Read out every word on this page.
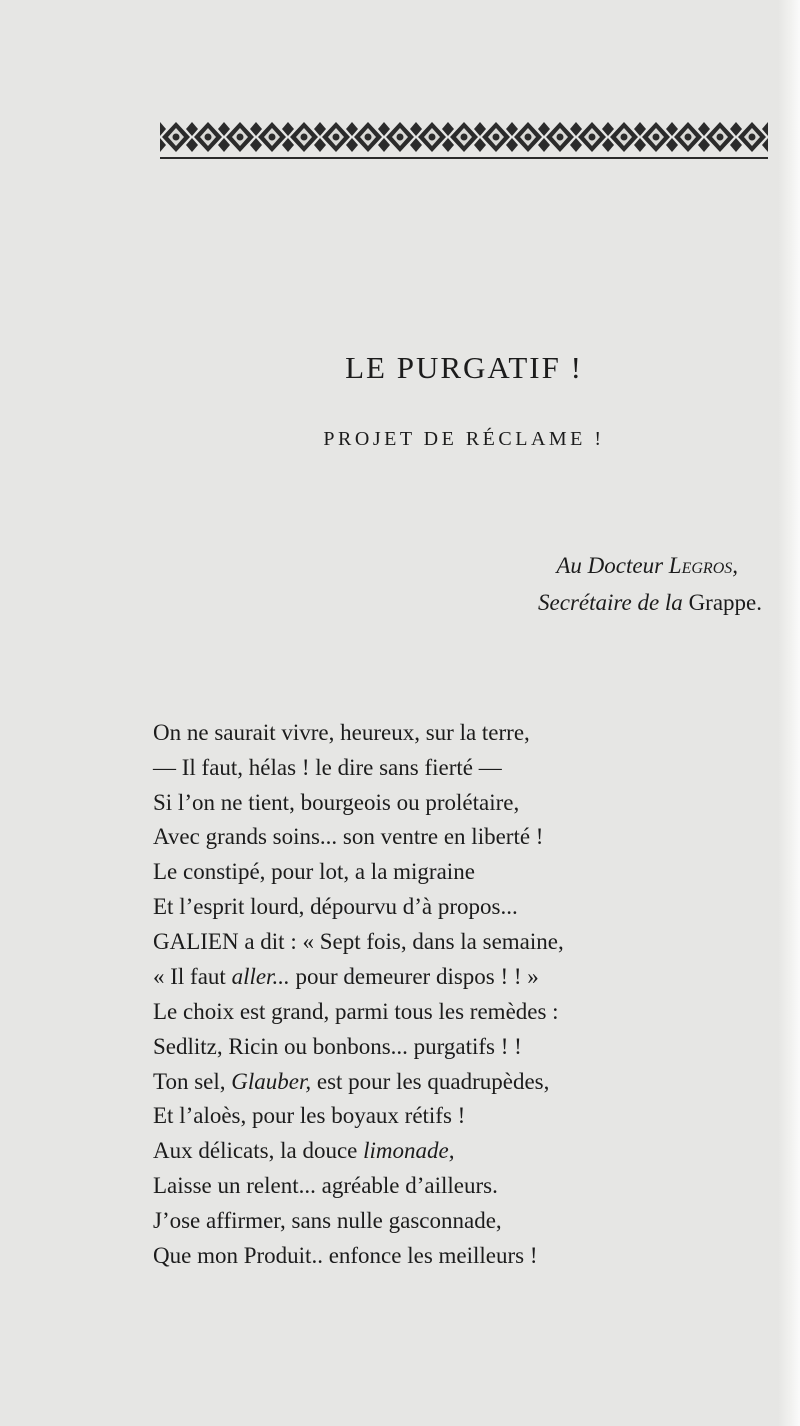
LE PURGATIF !
PROJET DE RÉCLAME !
Au Docteur Legros,
Secrétaire de la Grappe.
On ne saurait vivre, heureux, sur la terre,
— Il faut, hélas ! le dire sans fierté —
Si l’on ne tient, bourgeois ou prolétaire,
Avec grands soins... son ventre en liberté !
Le constipé, pour lot, a la migraine
Et l’esprit lourd, dépourvu d’à propos...
GALIEN a dit : « Sept fois, dans la semaine,
« Il faut aller... pour demeurer dispos ! ! »
Le choix est grand, parmi tous les remèdes :
Sedlitz, Ricin ou bonbons... purgatifs ! !
Ton sel, Glauber, est pour les quadrupèdes,
Et l’aloès, pour les boyaux rétifs !
Aux délicats, la douce limonade,
Laisse un relent... agréable d’ailleurs.
J’ose affirmer, sans nulle gasconnade,
Que mon Produit.. enfonce les meilleurs !
